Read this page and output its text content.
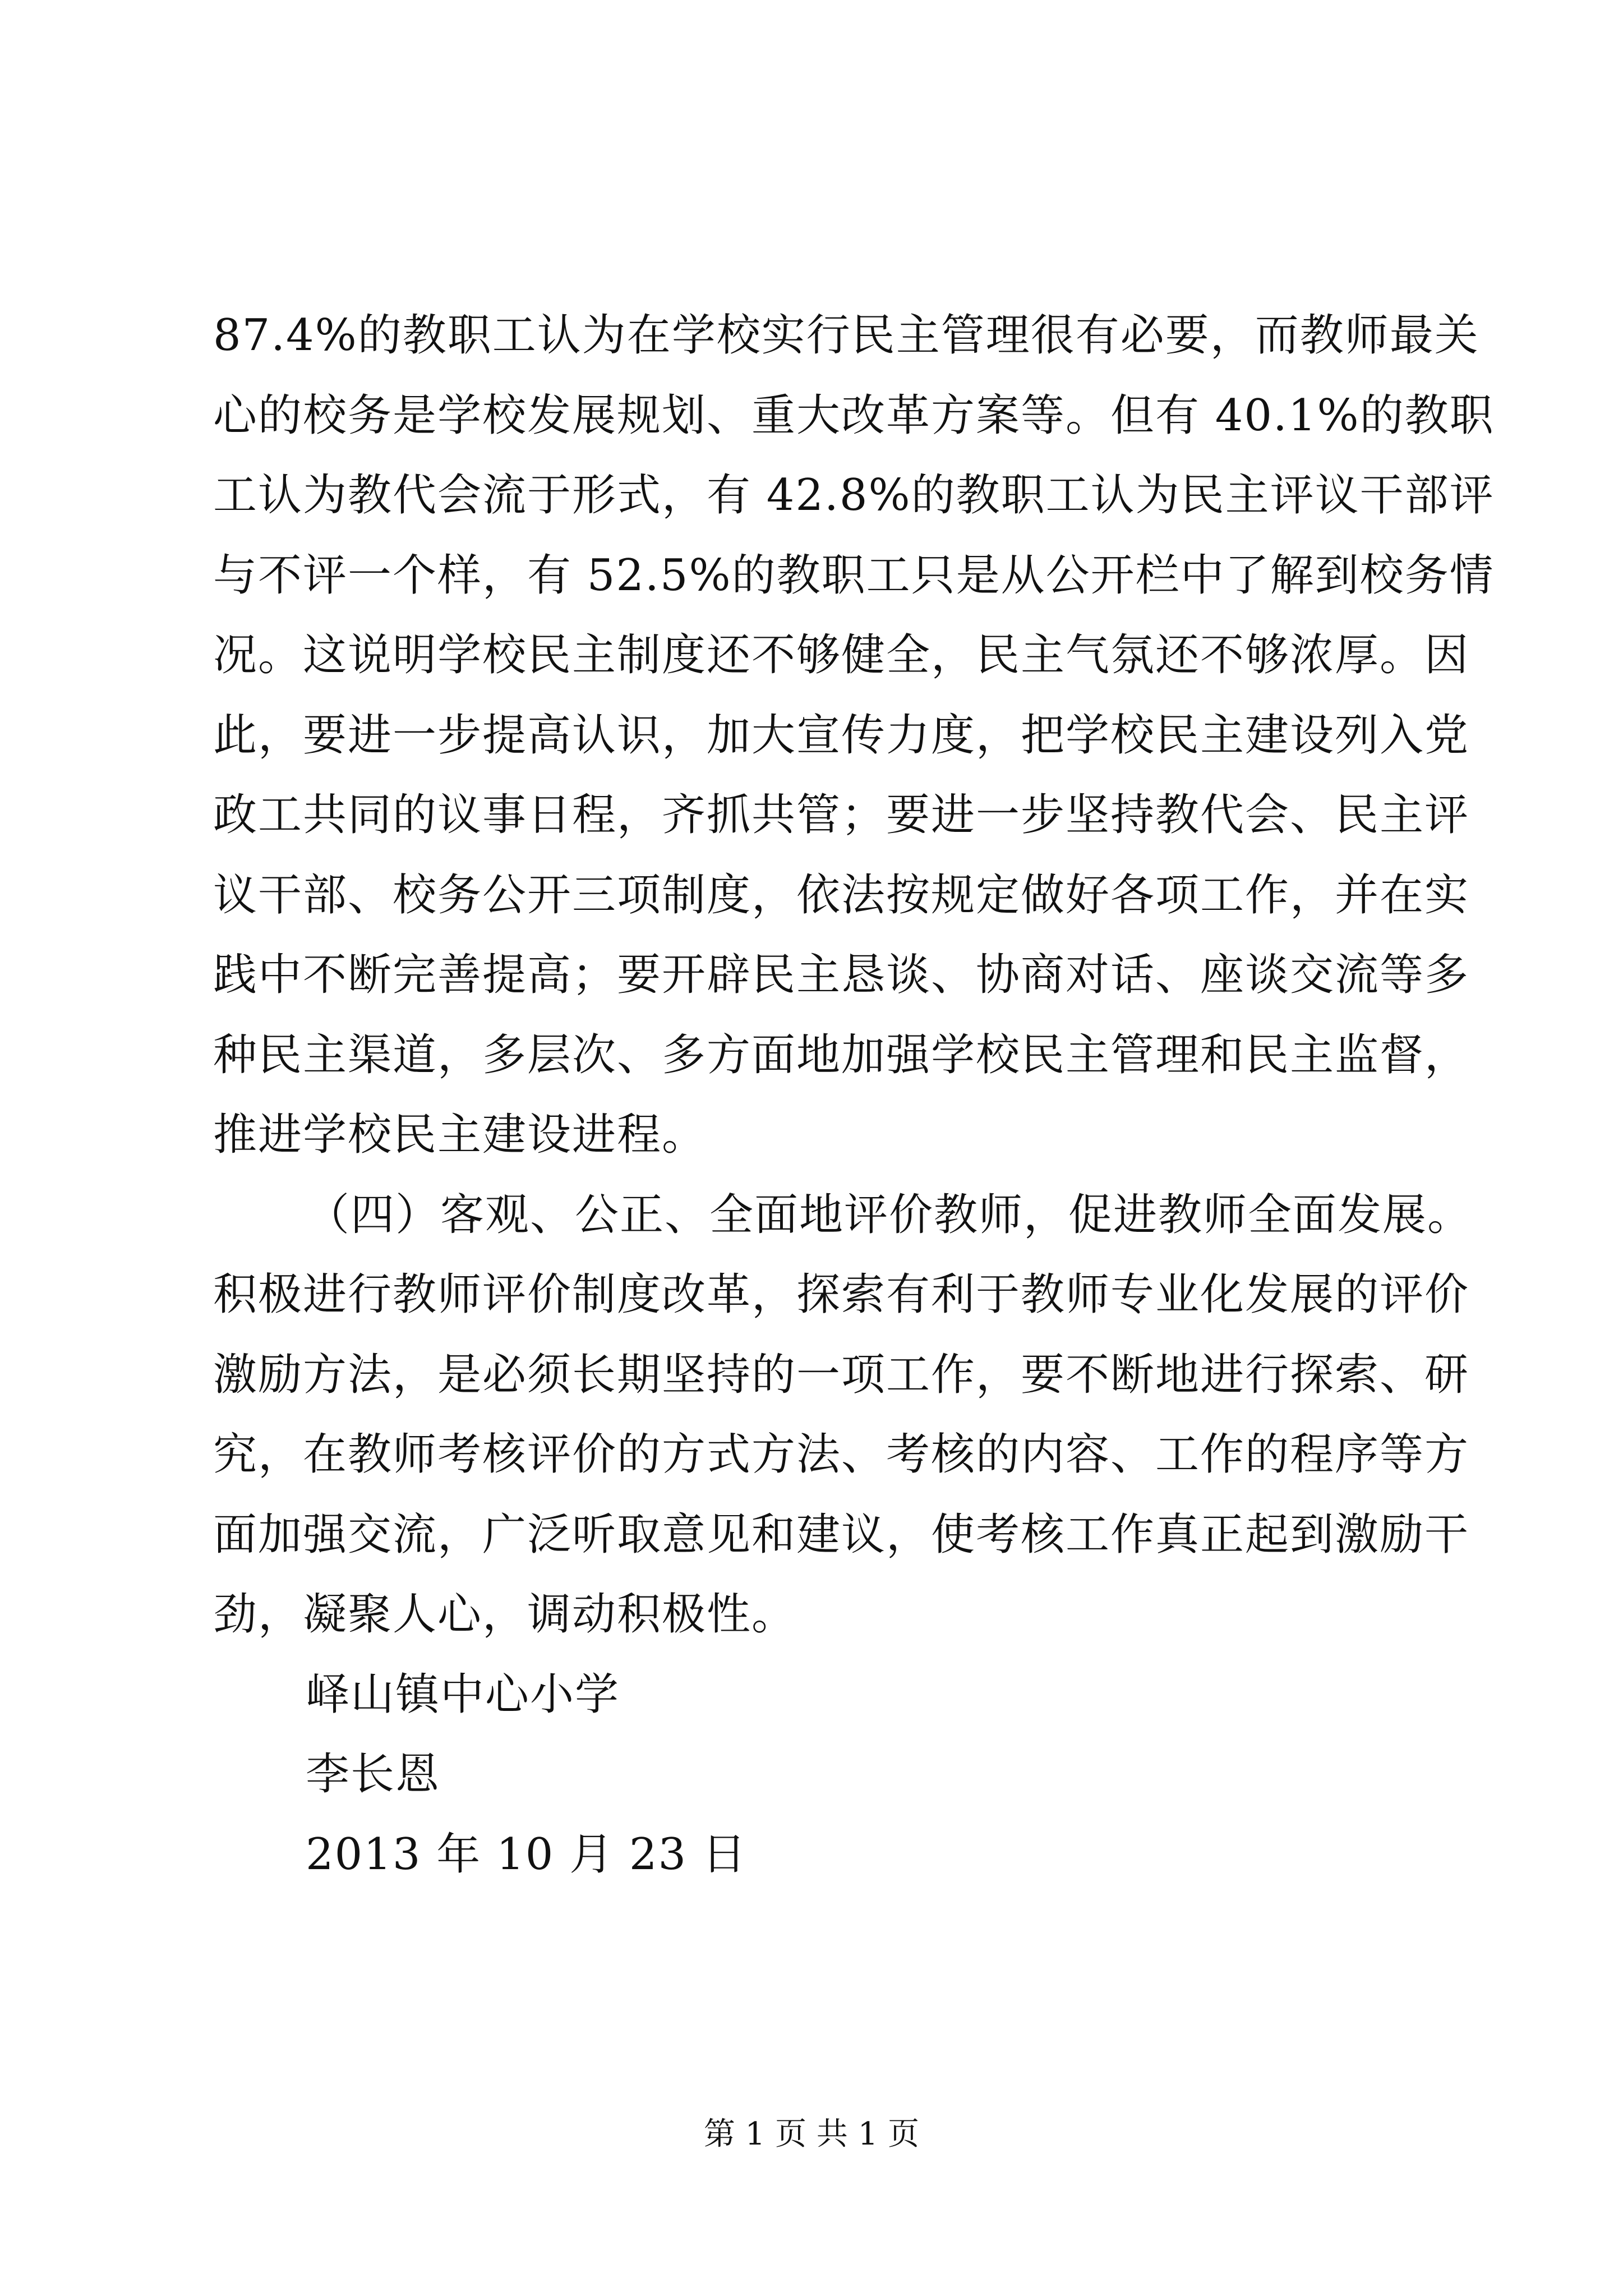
87.4%的教职工认为在学校实行民主管理很有必要，而教师最关
心的校务是学校发展规划、重大改革方案等。但有 40.1%的教职
工认为教代会流于形式，有 42.8%的教职工认为民主评议干部评
与不评一个样，有 52.5%的教职工只是从公开栏中了解到校务情
况。这说明学校民主制度还不够健全，民主气氛还不够浓厚。因
此，要进一步提高认识，加大宣传力度，把学校民主建设列入党
政工共同的议事日程，齐抓共管；要进一步坚持教代会、民主评
议干部、校务公开三项制度，依法按规定做好各项工作，并在实
践中不断完善提高；要开辟民主恳谈、协商对话、座谈交流等多
种民主渠道，多层次、多方面地加强学校民主管理和民主监督，
推进学校民主建设进程。
（四）客观、公正、全面地评价教师，促进教师全面发展。
积极进行教师评价制度改革，探索有利于教师专业化发展的评价
激励方法，是必须长期坚持的一项工作，要不断地进行探索、研
究，在教师考核评价的方式方法、考核的内容、工作的程序等方
面加强交流，广泛听取意见和建议，使考核工作真正起到激励干
劲，凝聚人心，调动积极性。
峄山镇中心小学
李长恩
2013 年 10 月 23 日
第 1 页 共 1 页
